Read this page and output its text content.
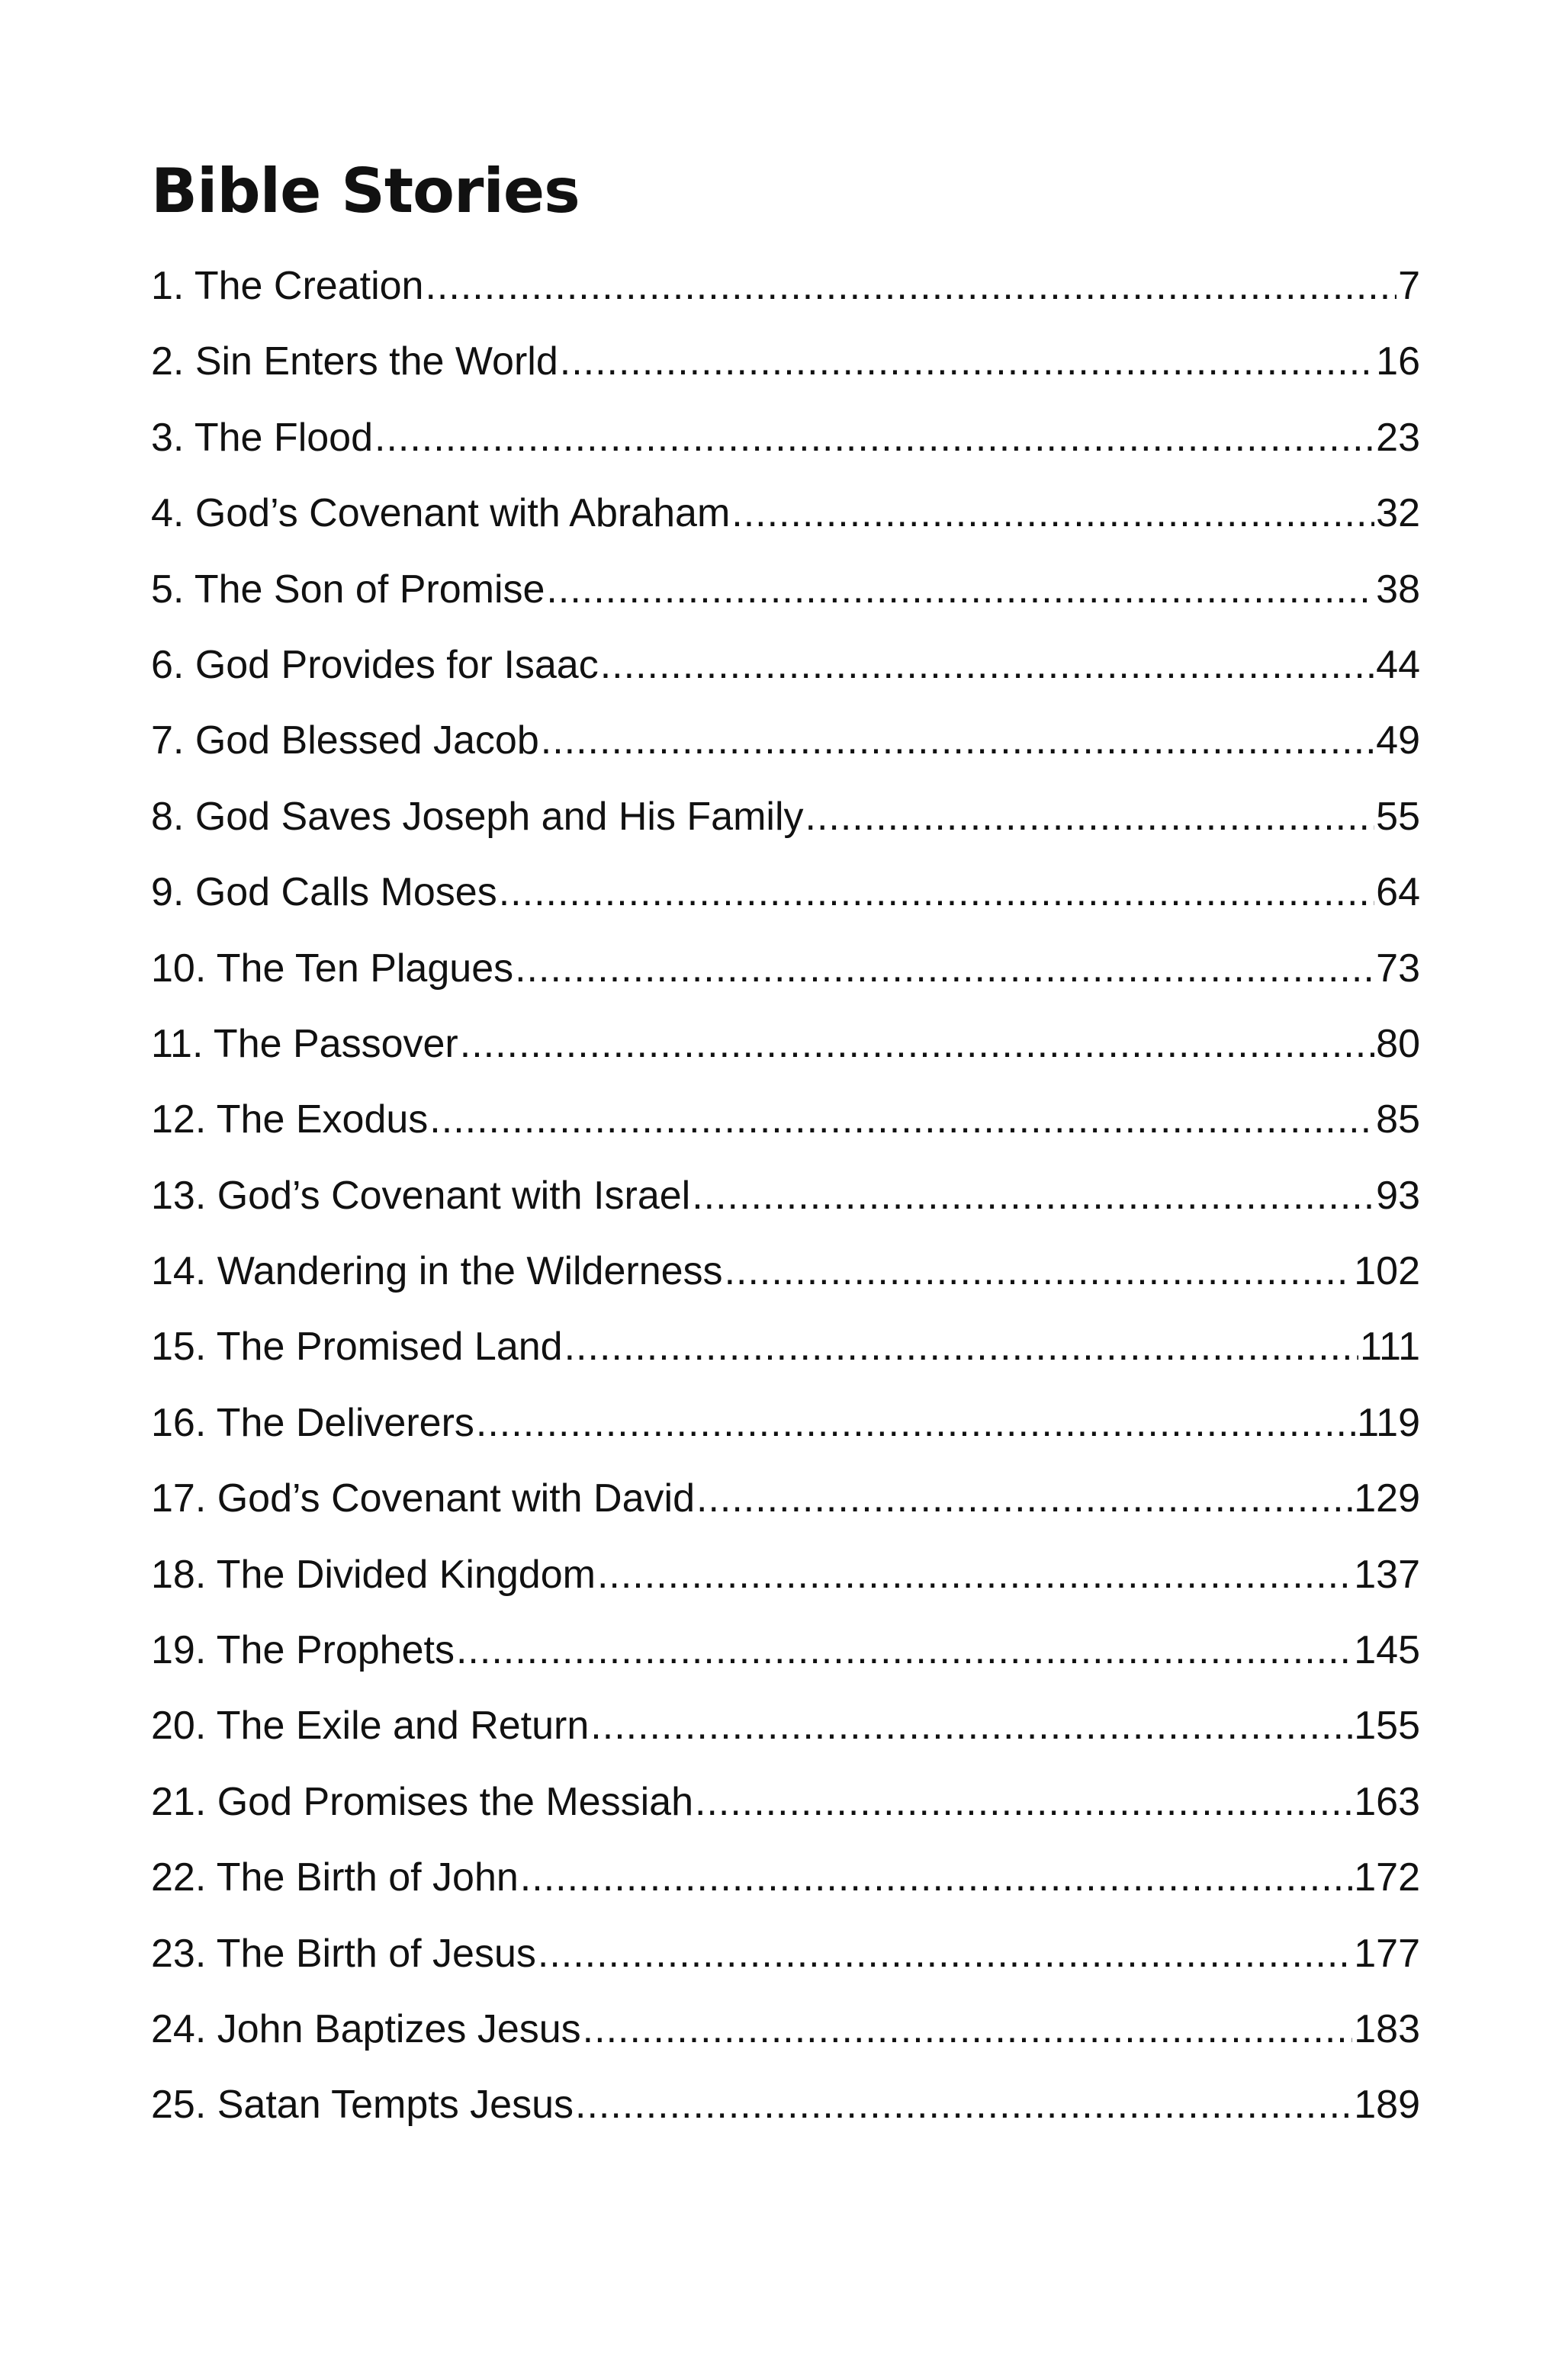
Bible Stories
1. The Creation .....	7
2. Sin Enters the World .....	16
3. The Flood .....	23
4. God’s Covenant with Abraham .....	32
5. The Son of Promise .....	38
6. God Provides for Isaac .....	44
7. God Blessed Jacob .....	49
8. God Saves Joseph and His Family .....	55
9. God Calls Moses .....	64
10. The Ten Plagues .....	73
11. The Passover .....	80
12. The Exodus .....	85
13. God’s Covenant with Israel .....	93
14. Wandering in the Wilderness .....	102
15. The Promised Land .....	111
16. The Deliverers .....	119
17. God’s Covenant with David .....	129
18. The Divided Kingdom .....	137
19. The Prophets .....	145
20. The Exile and Return .....	155
21. God Promises the Messiah .....	163
22. The Birth of John .....	172
23. The Birth of Jesus .....	177
24. John Baptizes Jesus .....	183
25. Satan Tempts Jesus .....	189
